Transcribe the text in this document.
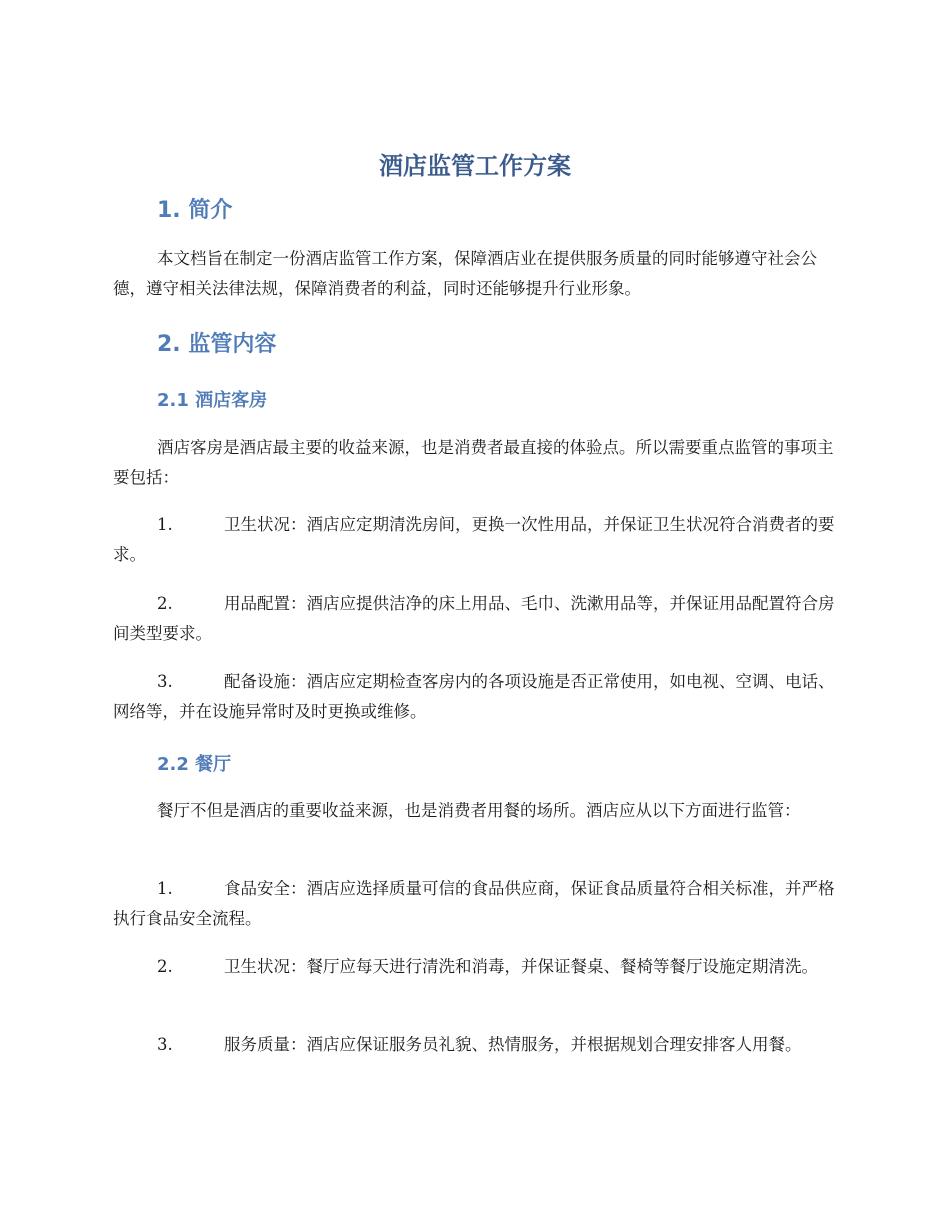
酒店监管工作方案
1. 简介

本文档旨在制定一份酒店监管工作方案，保障酒店业在提供服务质量的同时能够遵守社会公德，遵守相关法律法规，保障消费者的利益，同时还能够提升行业形象。

2. 监管内容
2.1 酒店客房

酒店客房是酒店最主要的收益来源，也是消费者最直接的体验点。所以需要重点监管的事项主要包括：

1.	卫生状况：酒店应定期清洗房间，更换一次性用品，并保证卫生状况符合消费者的要求。

2.	用品配置：酒店应提供洁净的床上用品、毛巾、洗漱用品等，并保证用品配置符合房间类型要求。

3.	配备设施：酒店应定期检查客房内的各项设施是否正常使用，如电视、空调、电话、网络等，并在设施异常时及时更换或维修。

2.2 餐厅

餐厅不但是酒店的重要收益来源，也是消费者用餐的场所。酒店应从以下方面进行监管：

1.	食品安全：酒店应选择质量可信的食品供应商，保证食品质量符合相关标准，并严格执行食品安全流程。

2.	卫生状况：餐厅应每天进行清洗和消毒，并保证餐桌、餐椅等餐厅设施定期清洗。

3.	服务质量：酒店应保证服务员礼貌、热情服务，并根据规划合理安排客人用餐。
